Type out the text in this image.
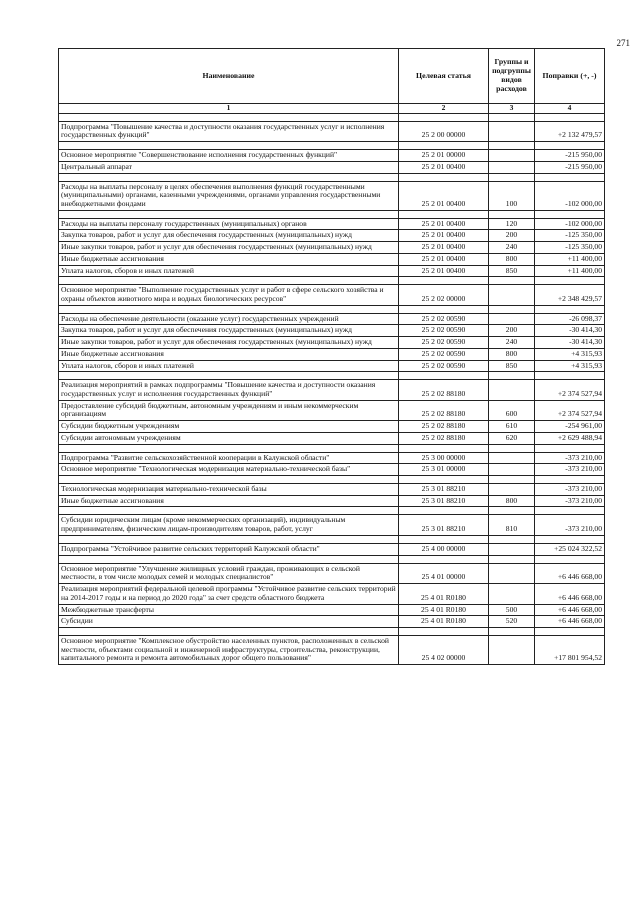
271
Наименование	Целевая статья	Группы и подгруппы видов расходов	Поправки (+, -)
1	2	3	4

Подпрограмма "Повышение качества и доступности оказания государственных услуг и исполнения государственных функций"	25 2 00 00000		+2 132 479,57

Основное мероприятие "Совершенствование исполнения государственных функций"	25 2 01 00000		-215 950,00
Центральный аппарат	25 2 01 00400		-215 950,00

Расходы на выплаты персоналу в целях обеспечения выполнения функций государственными (муниципальными) органами, казенными учреждениями, органами управления государственными внебюджетными фондами	25 2 01 00400	100	-102 000,00

Расходы на выплаты персоналу государственных (муниципальных) органов	25 2 01 00400	120	-102 000,00
Закупка товаров, работ и услуг для обеспечения государственных (муниципальных) нужд	25 2 01 00400	200	-125 350,00
Иные закупки товаров, работ и услуг для обеспечения государственных (муниципальных) нужд	25 2 01 00400	240	-125 350,00
Иные бюджетные ассигнования	25 2 01 00400	800	+11 400,00
Уплата налогов, сборов и иных платежей	25 2 01 00400	850	+11 400,00

Основное мероприятие "Выполнение государственных услуг и работ в сфере сельского хозяйства и охраны объектов животного мира и водных биологических ресурсов"	25 2 02 00000		+2 348 429,57

Расходы на обеспечение деятельности (оказание услуг) государственных учреждений	25 2 02 00590		-26 098,37
Закупка товаров, работ и услуг для обеспечения государственных (муниципальных) нужд	25 2 02 00590	200	-30 414,30
Иные закупки товаров, работ и услуг для обеспечения государственных (муниципальных) нужд	25 2 02 00590	240	-30 414,30
Иные бюджетные ассигнования	25 2 02 00590	800	+4 315,93
Уплата налогов, сборов и иных платежей	25 2 02 00590	850	+4 315,93

Реализация мероприятий в рамках подпрограммы "Повышение качества и доступности оказания государственных услуг и исполнения государственных функций"	25 2 02 88180		+2 374 527,94
Предоставление субсидий бюджетным, автономным учреждениям и иным некоммерческим организациям	25 2 02 88180	600	+2 374 527,94
Субсидии бюджетным учреждениям	25 2 02 88180	610	-254 961,00
Субсидии автономным учреждениям	25 2 02 88180	620	+2 629 488,94

Подпрограмма "Развитие сельскохозяйственной кооперации в Калужской области"	25 3 00 00000		-373 210,00
Основное мероприятие "Технологическая модернизация материально-технической базы"	25 3 01 00000		-373 210,00

Технологическая модернизация материально-технической базы	25 3 01 88210		-373 210,00
Иные бюджетные ассигнования	25 3 01 88210	800	-373 210,00

Субсидии юридическим лицам (кроме некоммерческих организаций), индивидуальным предпринимателям, физическим лицам-производителям товаров, работ, услуг	25 3 01 88210	810	-373 210,00

Подпрограмма "Устойчивое развитие сельских территорий Калужской области"	25 4 00 00000		+25 024 322,52

Основное мероприятие "Улучшение жилищных условий граждан, проживающих в сельской местности, в том числе молодых семей и молодых специалистов"	25 4 01 00000		+6 446 668,00
Реализация мероприятий федеральной целевой программы "Устойчивое развитие сельских территорий на 2014-2017 годы и на период до 2020 года" за счет средств областного бюджета	25 4 01 R0180		+6 446 668,00
Межбюджетные трансферты	25 4 01 R0180	500	+6 446 668,00
Субсидии	25 4 01 R0180	520	+6 446 668,00

Основное мероприятие "Комплексное обустройство населенных пунктов, расположенных в сельской местности, объектами социальной и инженерной инфраструктуры, строительства, реконструкции, капитального ремонта и ремонта автомобильных дорог общего пользования"	25 4 02 00000		+17 801 954,52
